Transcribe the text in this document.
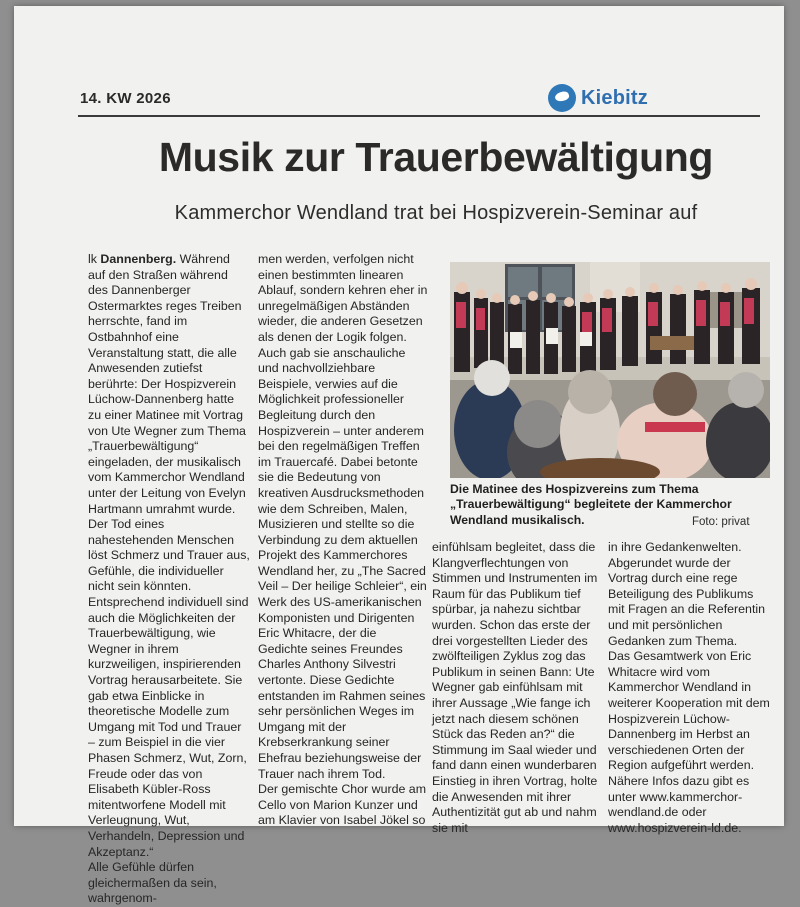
14. KW 2026	Kiebitz
Musik zur Trauerbewältigung
Kammerchor Wendland trat bei Hospizverein-Seminar auf

lk Dannenberg. Während auf den Straßen während des Dannenberger Ostermarktes reges Treiben herrschte, fand im Ostbahnhof eine Veranstaltung statt, die alle Anwesenden zutiefst berührte: Der Hospizverein Lüchow-Dannenberg hatte zu einer Matinee mit Vortrag von Ute Wegner zum Thema „Trauerbewältigung“ eingeladen, der musikalisch vom Kammerchor Wendland unter der Leitung von Evelyn Hartmann umrahmt wurde.

Der Tod eines nahestehenden Menschen löst Schmerz und Trauer aus, Gefühle, die individueller nicht sein könnten. Entsprechend individuell sind auch die Möglichkeiten der Trauerbewältigung, wie Wegner in ihrem kurzweiligen, inspirierenden Vortrag herausarbeitete. Sie gab etwa Einblicke in theoretische Modelle zum Umgang mit Tod und Trauer – zum Beispiel in die vier Phasen Schmerz, Wut, Zorn, Freude oder das von Elisabeth Kübler-Ross mitentworfene Modell mit Verleugnung, Wut, Verhandeln, Depression und Akzeptanz.“

Alle Gefühle dürfen gleichermaßen da sein, wahrgenom-

men werden, verfolgen nicht einen bestimmten linearen Ablauf, sondern kehren eher in unregelmäßigen Abständen wieder, die anderen Gesetzen als denen der Logik folgen. Auch gab sie anschauliche und nachvollziehbare Beispiele, verwies auf die Möglichkeit professioneller Begleitung durch den Hospizverein – unter anderem bei den regelmäßigen Treffen im Trauercafé. Dabei betonte sie die Bedeutung von kreativen Ausdrucksmethoden wie dem Schreiben, Malen, Musizieren und stellte so die Verbindung zu dem aktuellen Projekt des Kammerchores Wendland her, zu „The Sacred Veil – Der heilige Schleier“, ein Werk des US-amerikanischen Komponisten und Dirigenten Eric Whitacre, der die Gedichte seines Freundes Charles Anthony Silvestri vertonte. Diese Gedichte entstanden im Rahmen seines sehr persönlichen Weges im Umgang mit der Krebserkrankung seiner Ehefrau beziehungsweise der Trauer nach ihrem Tod.

Der gemischte Chor wurde am Cello von Marion Kunzer und am Klavier von Isabel Jökel so

Die Matinee des Hospizvereins zum Thema „Trauerbewältigung“ begleitete der Kammerchor Wendland musikalisch.	Foto: privat

einfühlsam begleitet, dass die Klangverflechtungen von Stimmen und Instrumenten im Raum für das Publikum tief spürbar, ja nahezu sichtbar wurden. Schon das erste der drei vorgestellten Lieder des zwölfteiligen Zyklus zog das Publikum in seinen Bann: Ute Wegner gab einfühlsam mit ihrer Aussage „Wie fange ich jetzt nach diesem schönen Stück das Reden an?“ die Stimmung im Saal wieder und fand dann einen wunderbaren Einstieg in ihren Vortrag, holte die Anwesenden mit ihrer Authentizität gut ab und nahm sie mit

in ihre Gedankenwelten. Abgerundet wurde der Vortrag durch eine rege Beteiligung des Publikums mit Fragen an die Referentin und mit persönlichen Gedanken zum Thema.

Das Gesamtwerk von Eric Whitacre wird vom Kammerchor Wendland in weiterer Kooperation mit dem Hospizverein Lüchow-Dannenberg im Herbst an verschiedenen Orten der Region aufgeführt werden. Nähere Infos dazu gibt es unter www.kammerchor-wendland.de oder www.hospizverein-ld.de.
